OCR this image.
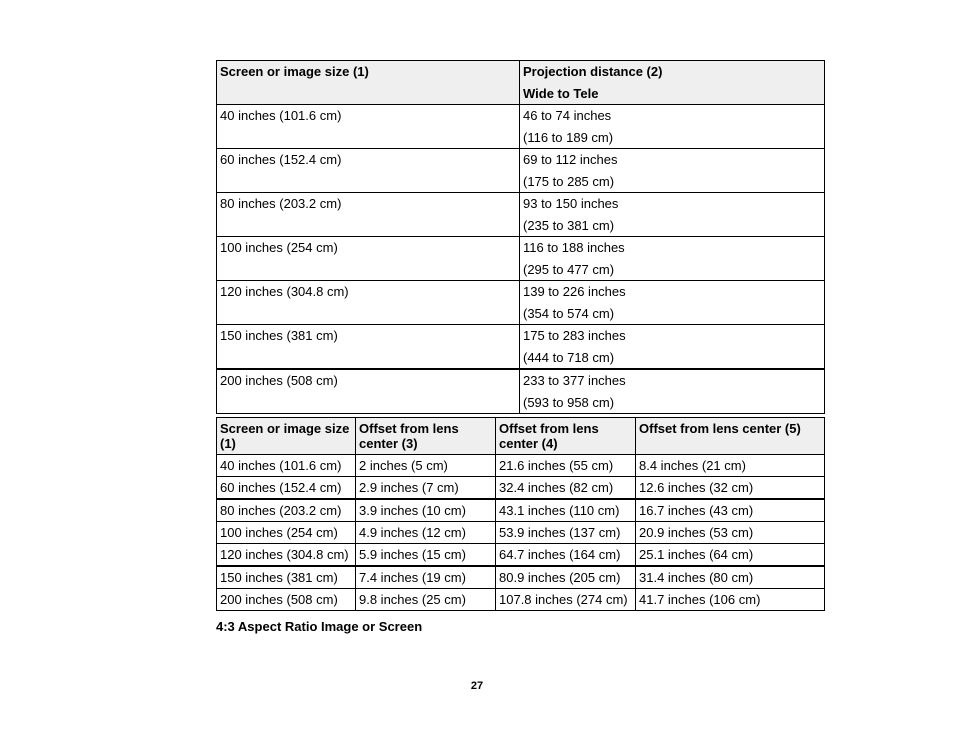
Screen or image size (1)	Projection distance (2)
Wide to Tele

40 inches (101.6 cm)	46 to 74 inches
(116 to 189 cm)

60 inches (152.4 cm)	69 to 112 inches
(175 to 285 cm)

80 inches (203.2 cm)	93 to 150 inches
(235 to 381 cm)

100 inches (254 cm)	116 to 188 inches
(295 to 477 cm)

120 inches (304.8 cm)	139 to 226 inches
(354 to 574 cm)

150 inches (381 cm)	175 to 283 inches
(444 to 718 cm)

200 inches (508 cm)	233 to 377 inches
(593 to 958 cm)
Screen or image size (1)	Offset from lens center (3)	Offset from lens center (4)	Offset from lens center (5)
40 inches (101.6 cm)	2 inches (5 cm)	21.6 inches (55 cm)	8.4 inches (21 cm)
60 inches (152.4 cm)	2.9 inches (7 cm)	32.4 inches (82 cm)	12.6 inches (32 cm)
80 inches (203.2 cm)	3.9 inches (10 cm)	43.1 inches (110 cm)	16.7 inches (43 cm)
100 inches (254 cm)	4.9 inches (12 cm)	53.9 inches (137 cm)	20.9 inches (53 cm)
120 inches (304.8 cm)	5.9 inches (15 cm)	64.7 inches (164 cm)	25.1 inches (64 cm)
150 inches (381 cm)	7.4 inches (19 cm)	80.9 inches (205 cm)	31.4 inches (80 cm)
200 inches (508 cm)	9.8 inches (25 cm)	107.8 inches (274 cm)	41.7 inches (106 cm)
4:3 Aspect Ratio Image or Screen
27
